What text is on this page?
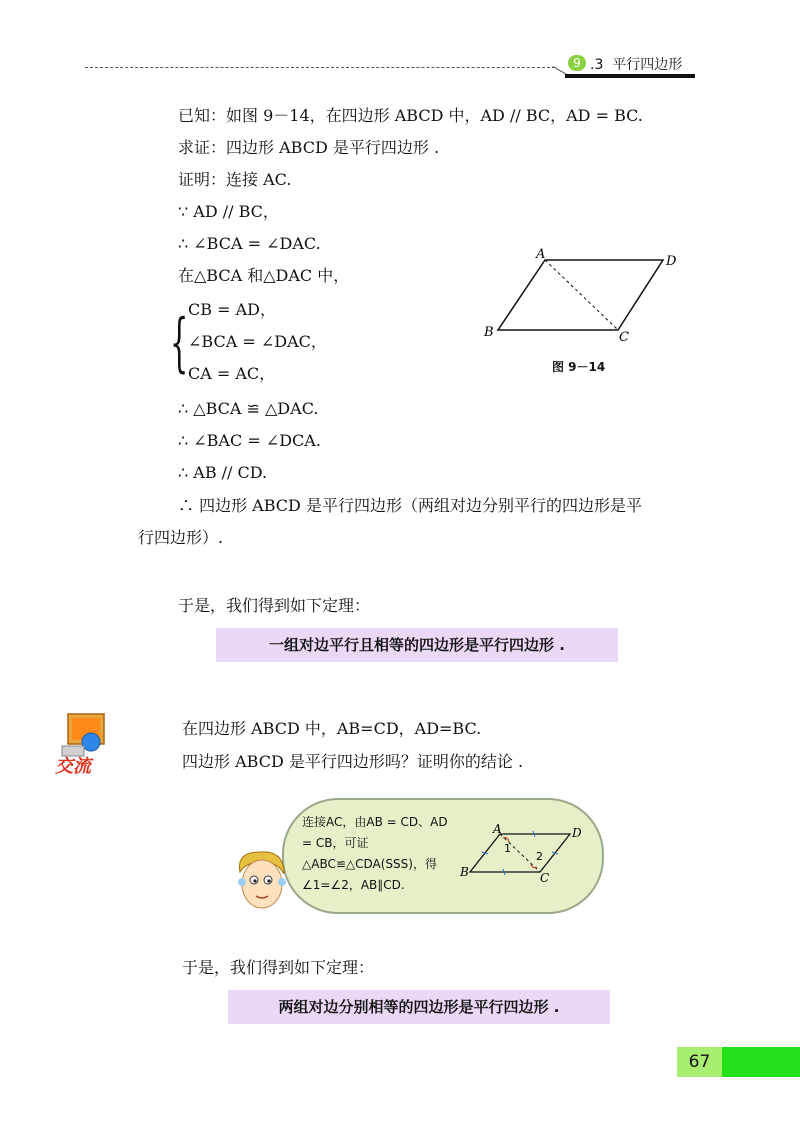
9 .3 平行四边形
已知：如图 9－14，在四边形 ABCD 中，AD // BC，AD = BC.
求证：四边形 ABCD 是平行四边形 .
证明：连接 AC.
∵ AD // BC，
∴ ∠BCA = ∠DAC.
在△BCA 和△DAC 中，
{ CB = AD，
∠BCA = ∠DAC，
CA = AC，
∴ △BCA ≌ △DAC.
∴ ∠BAC = ∠DCA.
∴ AB // CD.
∴ 四边形 ABCD 是平行四边形（两组对边分别平行的四边形是平
行四边形）.
A	D
B	C
图 9－14
于是，我们得到如下定理：
一组对边平行且相等的四边形是平行四边形 .
交流
在四边形 ABCD 中，AB=CD，AD=BC.
四边形 ABCD 是平行四边形吗？证明你的结论 .
连接AC，由AB = CD、AD = CB，可证 △ABC≌△CDA(SSS)，得∠1=∠2，AB∥CD.
A	D
B	C
1
2
于是，我们得到如下定理：
两组对边分别相等的四边形是平行四边形 .
67
